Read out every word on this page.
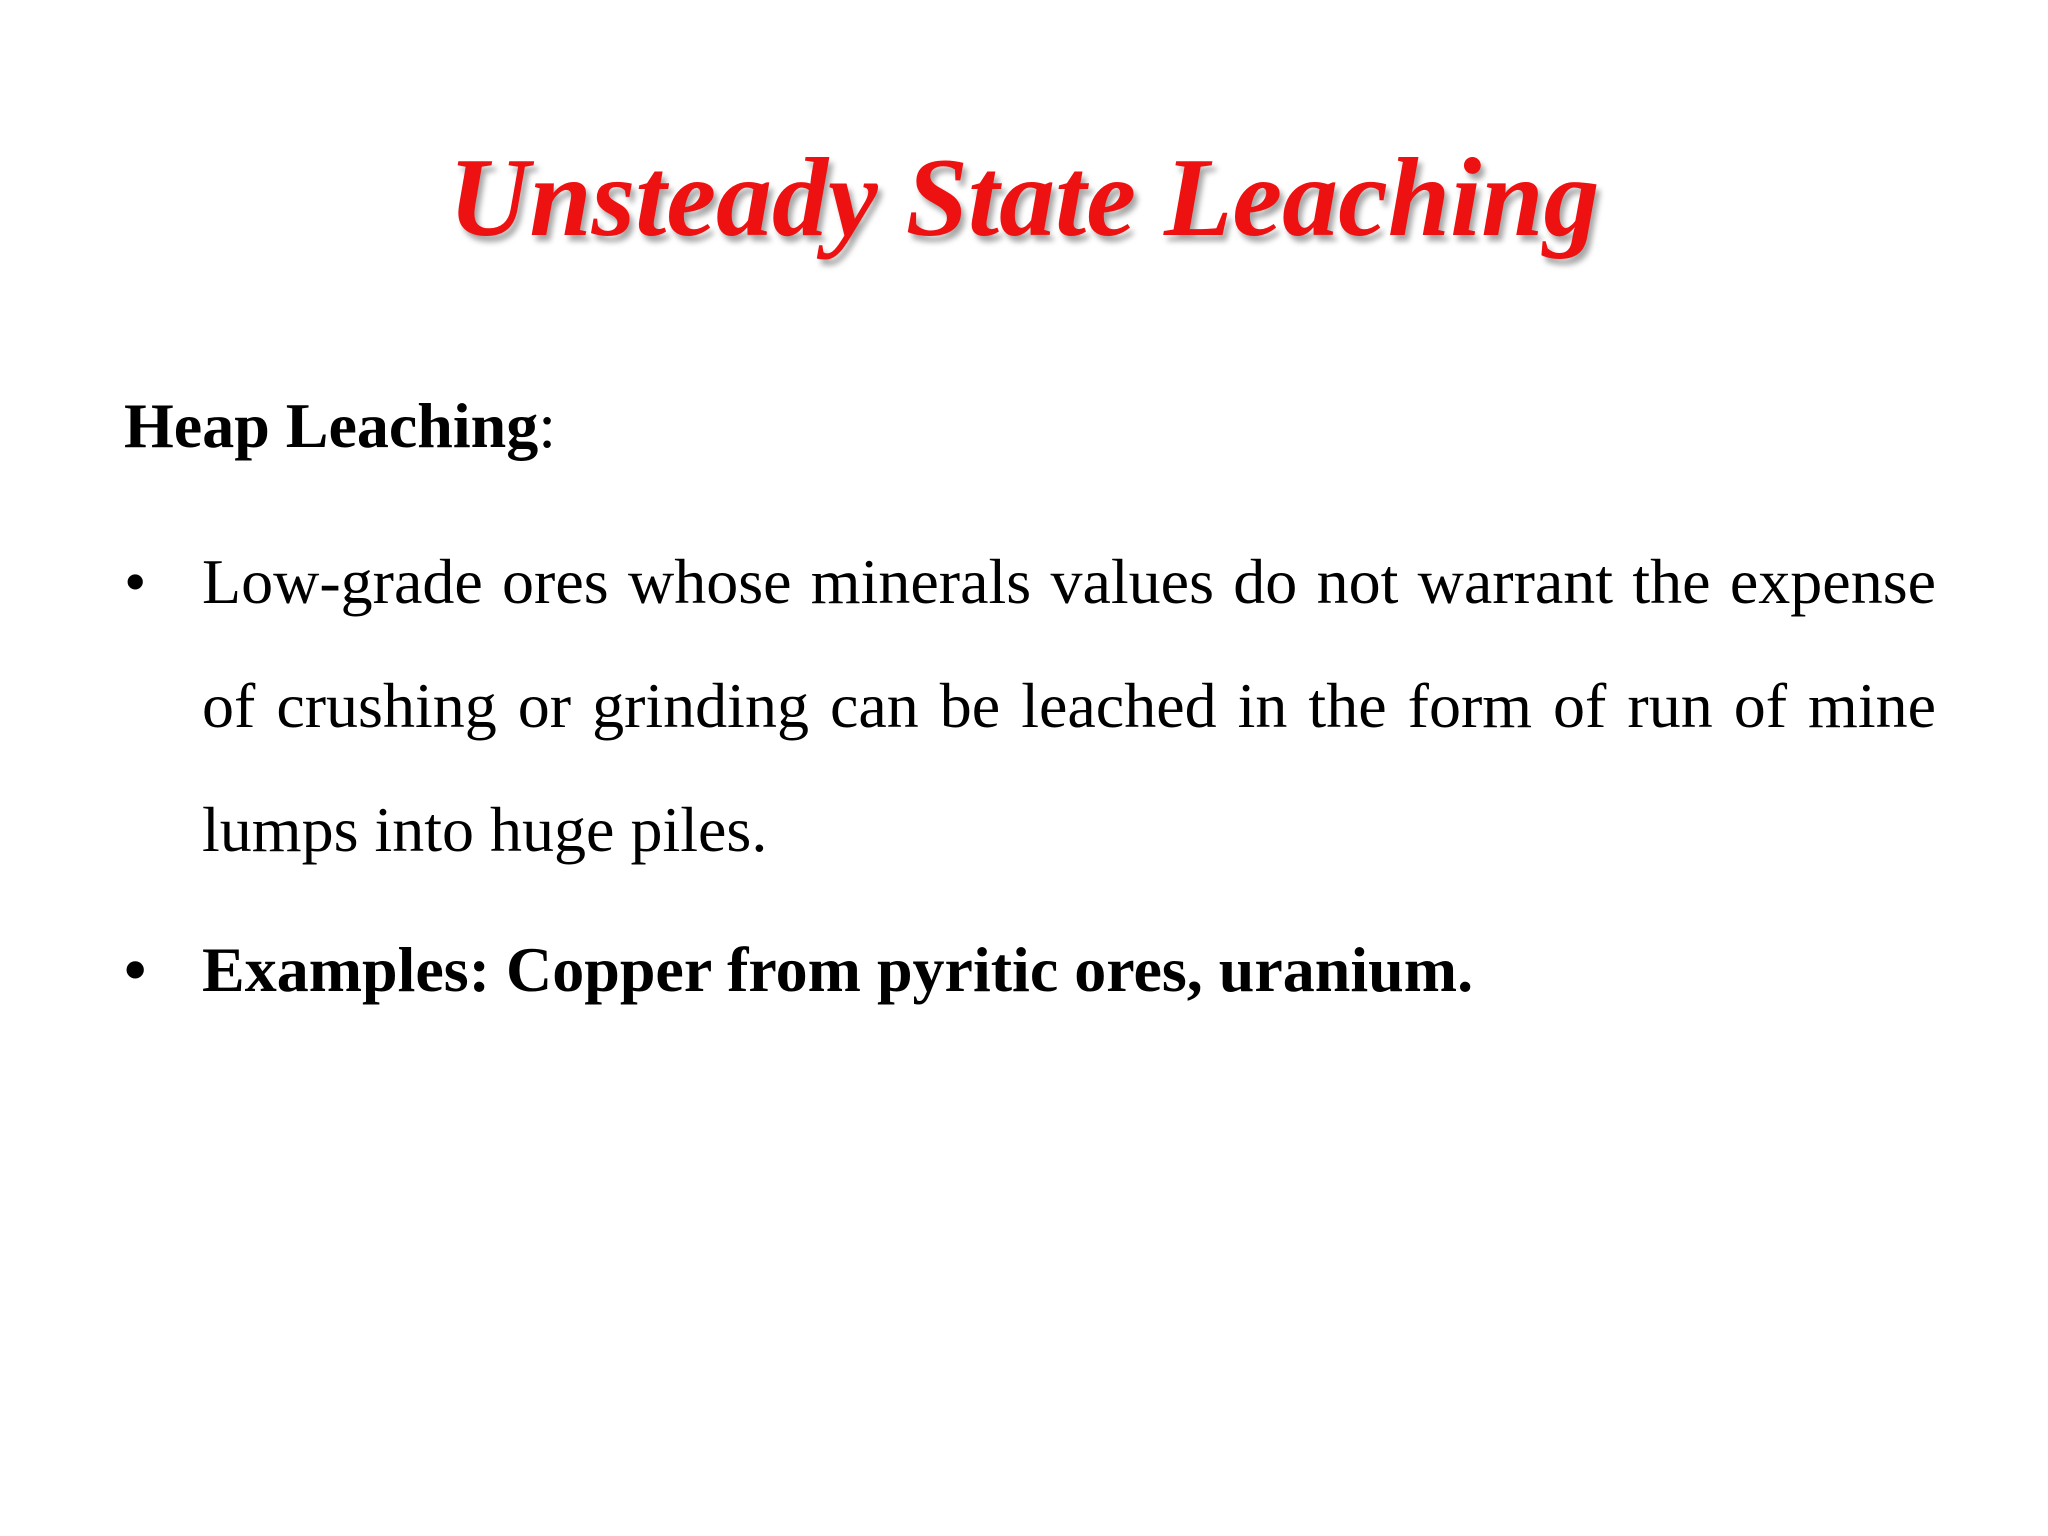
Unsteady State Leaching

Heap Leaching:

• Low-grade ores whose minerals values do not warrant the expense of crushing or grinding can be leached in the form of run of mine lumps into huge piles.
• Examples: Copper from pyritic ores, uranium.
